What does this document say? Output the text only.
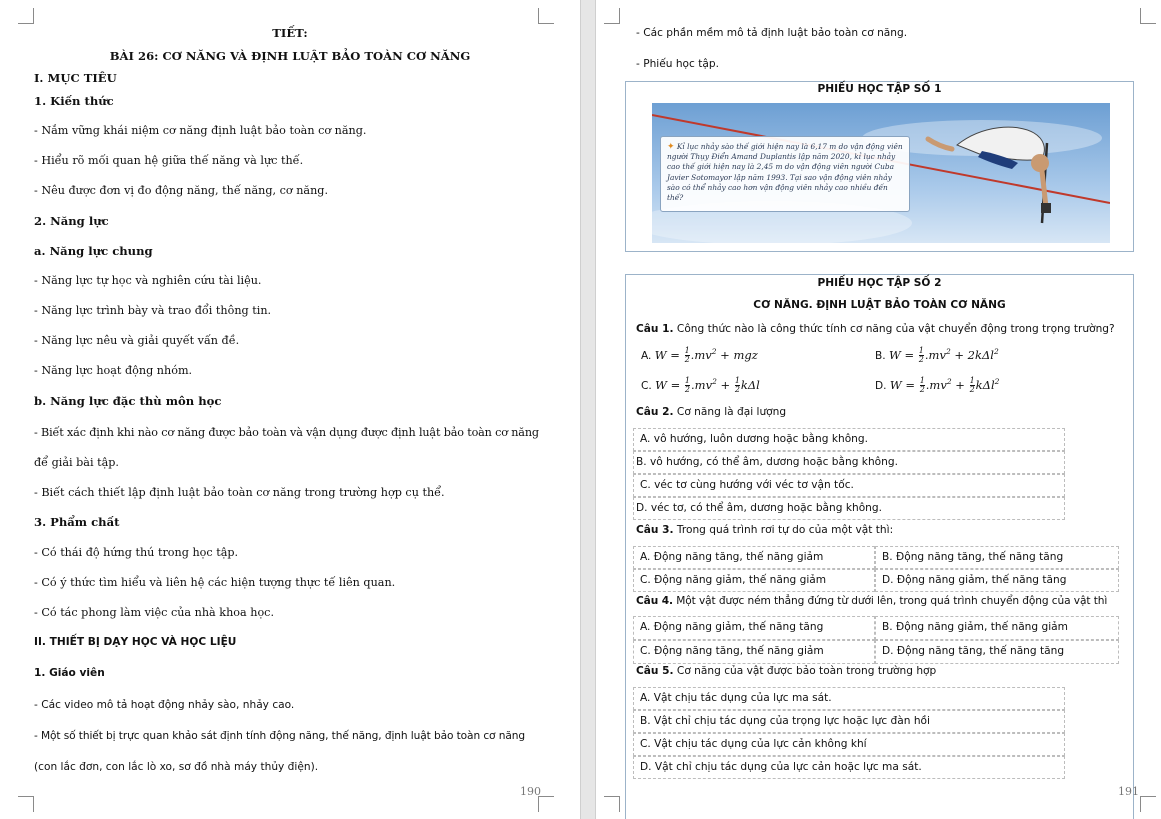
TIẾT:
BÀI 26: CƠ NĂNG VÀ ĐỊNH LUẬT BẢO TOÀN CƠ NĂNG
I. MỤC TIÊU
1. Kiến thức
- Nắm vững khái niệm cơ năng định luật bảo toàn cơ năng.
- Hiểu rõ mối quan hệ giữa thế năng và lực thế.
- Nêu được đơn vị đo động năng, thế năng, cơ năng.
2. Năng lực
a. Năng lực chung
- Năng lực tự học và nghiên cứu tài liệu.
- Năng lực trình bày và trao đổi thông tin.
- Năng lực nêu và giải quyết vấn đề.
- Năng lực hoạt động nhóm.
b. Năng lực đặc thù môn học
- Biết xác định khi nào cơ năng được bảo toàn và vận dụng được định luật bảo toàn cơ năng
để giải bài tập.
- Biết cách thiết lập định luật bảo toàn cơ năng trong trường hợp cụ thể.
3. Phẩm chất
- Có thái độ hứng thú trong học tập.
- Có ý thức tìm hiểu và liên hệ các hiện tượng thực tế liên quan.
- Có tác phong làm việc của nhà khoa học.
II. THIẾT BỊ DẠY HỌC VÀ HỌC LIỆU
1. Giáo viên
- Các video mô tả hoạt động nhảy sào, nhảy cao.
- Một số thiết bị trực quan khảo sát định tính động năng, thế năng, định luật bảo toàn cơ năng
(con lắc đơn, con lắc lò xo, sơ đồ nhà máy thủy điện).
190
- Các phần mềm mô tả định luật bảo toàn cơ năng.
- Phiếu học tập.
PHIẾU HỌC TẬP SỐ 1
✦ Kỉ lục nhảy sào thế giới hiện nay là 6,17 m do vận động viên người Thụy Điển Amand Duplantis lập năm 2020, kỉ lục nhảy cao thế giới hiện nay là 2,45 m do vận động viên người Cuba Javier Sotomayor lập năm 1993. Tại sao vận động viên nhảy sào có thể nhảy cao hơn vận động viên nhảy cao nhiều đến thế?
PHIẾU HỌC TẬP SỐ 2
CƠ NĂNG. ĐỊNH LUẬT BẢO TOÀN CƠ NĂNG
Câu 1. Công thức nào là công thức tính cơ năng của vật chuyển động trong trọng trường?
A. $W = \frac{1}{2} .mv^2$ + mgz	B. $W = \frac{1}{2} .mv^2 + 2k\Delta l^2$
C. $W = \frac{1}{2} .mv^2 + \frac{1}{2}$ kΔl	D. $W = \frac{1}{2} .mv^2 + \frac{1}{2} k\Delta l^2$
Câu 2. Cơ năng là đại lượng
A. vô hướng, luôn dương hoặc bằng không.
B. vô hướng, có thể âm, dương hoặc bằng không.
C. véc tơ cùng hướng với véc tơ vận tốc.
D. véc tơ, có thể âm, dương hoặc bằng không.
Câu 3. Trong quá trình rơi tự do của một vật thì:
A. Động năng tăng, thế năng giảm	B. Động năng tăng, thế năng tăng
C. Động năng giảm, thế năng giảm	D. Động năng giảm, thế năng tăng
Câu 4. Một vật được ném thẳng đứng từ dưới lên, trong quá trình chuyển động của vật thì
A. Động năng giảm, thế năng tăng	B. Động năng giảm, thế năng giảm
C. Động năng tăng, thế năng giảm	D. Động năng tăng, thế năng tăng
Câu 5. Cơ năng của vật được bảo toàn trong trường hợp
A. Vật chịu tác dụng của lực ma sát.
B. Vật chỉ chịu tác dụng của trọng lực hoặc lực đàn hồi
C. Vật chịu tác dụng của lực cản không khí
D. Vật chỉ chịu tác dụng của lực cản hoặc lực ma sát.
191
